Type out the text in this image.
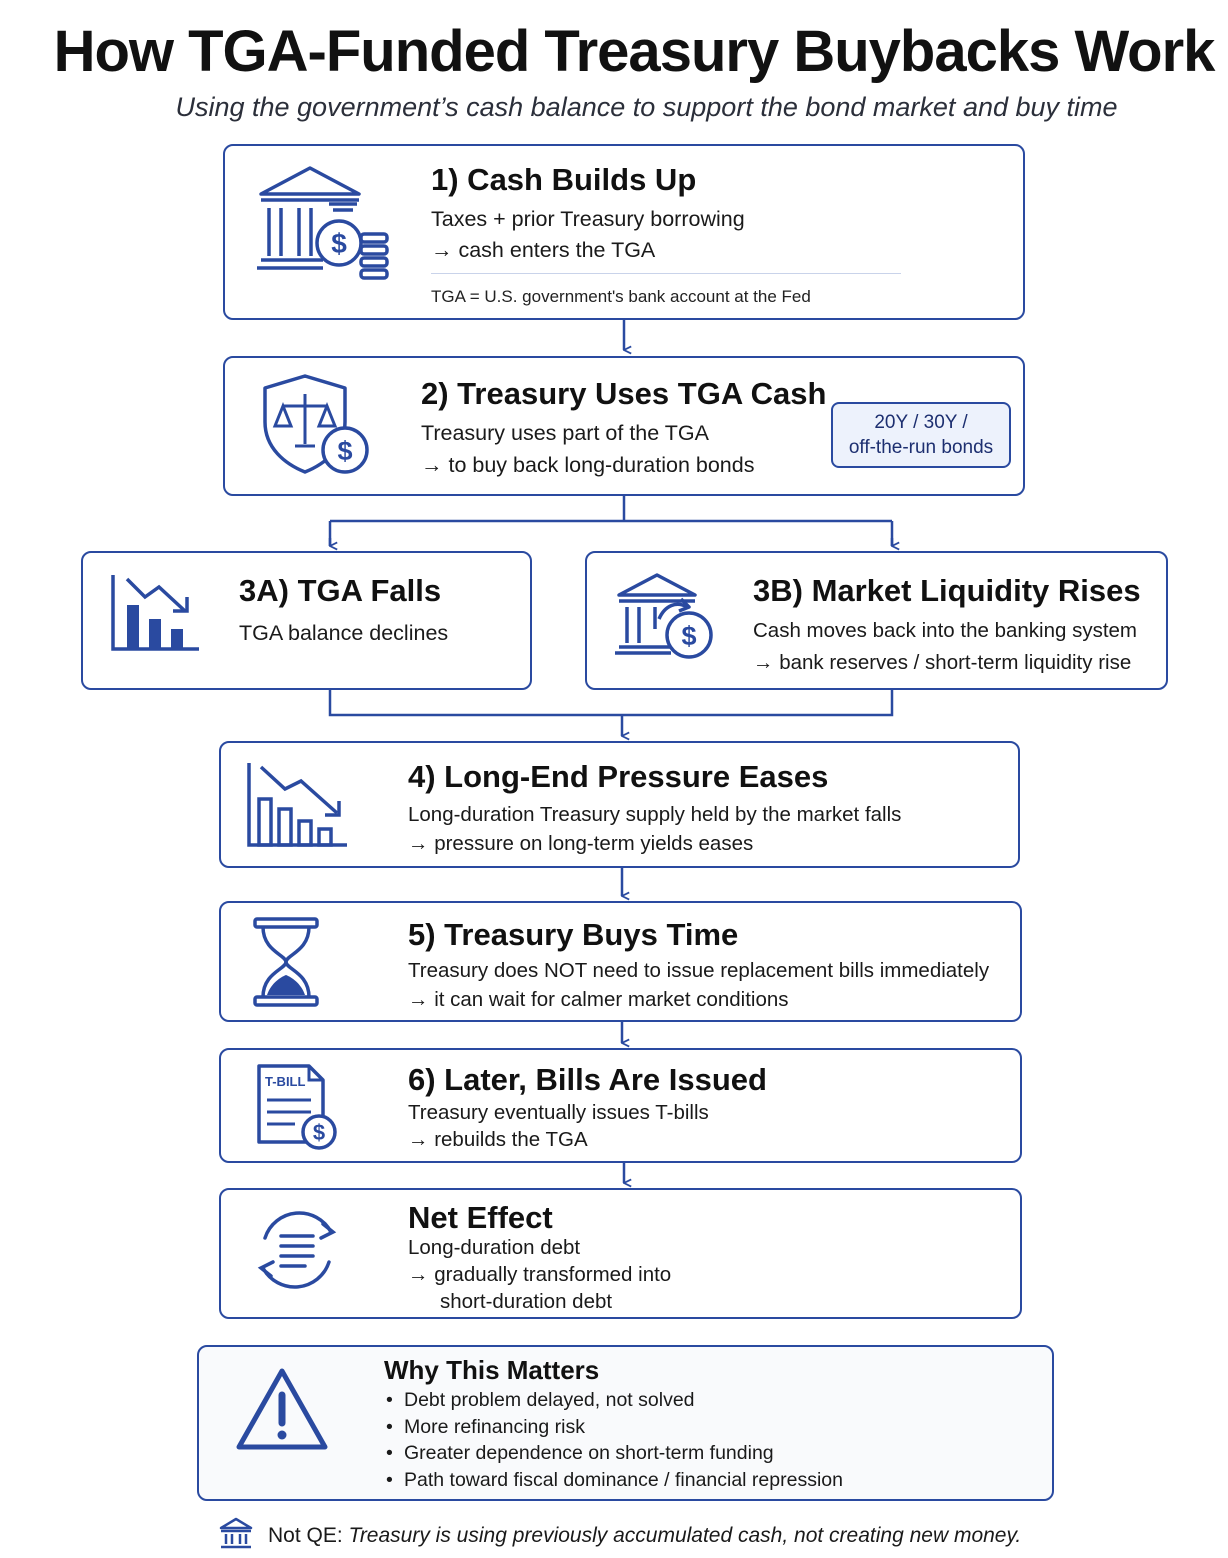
How TGA-Funded Treasury Buybacks Work
Using the government’s cash balance to support the bond market and buy time
$
1) Cash Builds Up
Taxes + prior Treasury borrowing
→ cash enters the TGA
TGA = U.S. government's bank account at the Fed
$
2) Treasury Uses TGA Cash
Treasury uses part of the TGA
→ to buy back long-duration bonds
20Y / 30Y /
off-the-run bonds
3A) TGA Falls
TGA balance declines	$
3B) Market Liquidity Rises
Cash moves back into the banking system
→ bank reserves / short-term liquidity rise
4) Long-End Pressure Eases
Long-duration Treasury supply held by the market falls
→ pressure on long-term yields eases
5) Treasury Buys Time
Treasury does NOT need to issue replacement bills immediately
→ it can wait for calmer market conditions
T-BILL
$
6) Later, Bills Are Issued
Treasury eventually issues T-bills
→ rebuilds the TGA
Net Effect
Long-duration debt
→ gradually transformed into
short-duration debt
Why This Matters
• Debt problem delayed, not solved
• More refinancing risk
• Greater dependence on short-term funding
• Path toward fiscal dominance / financial repression
Not QE: Treasury is using previously accumulated cash, not creating new money.
